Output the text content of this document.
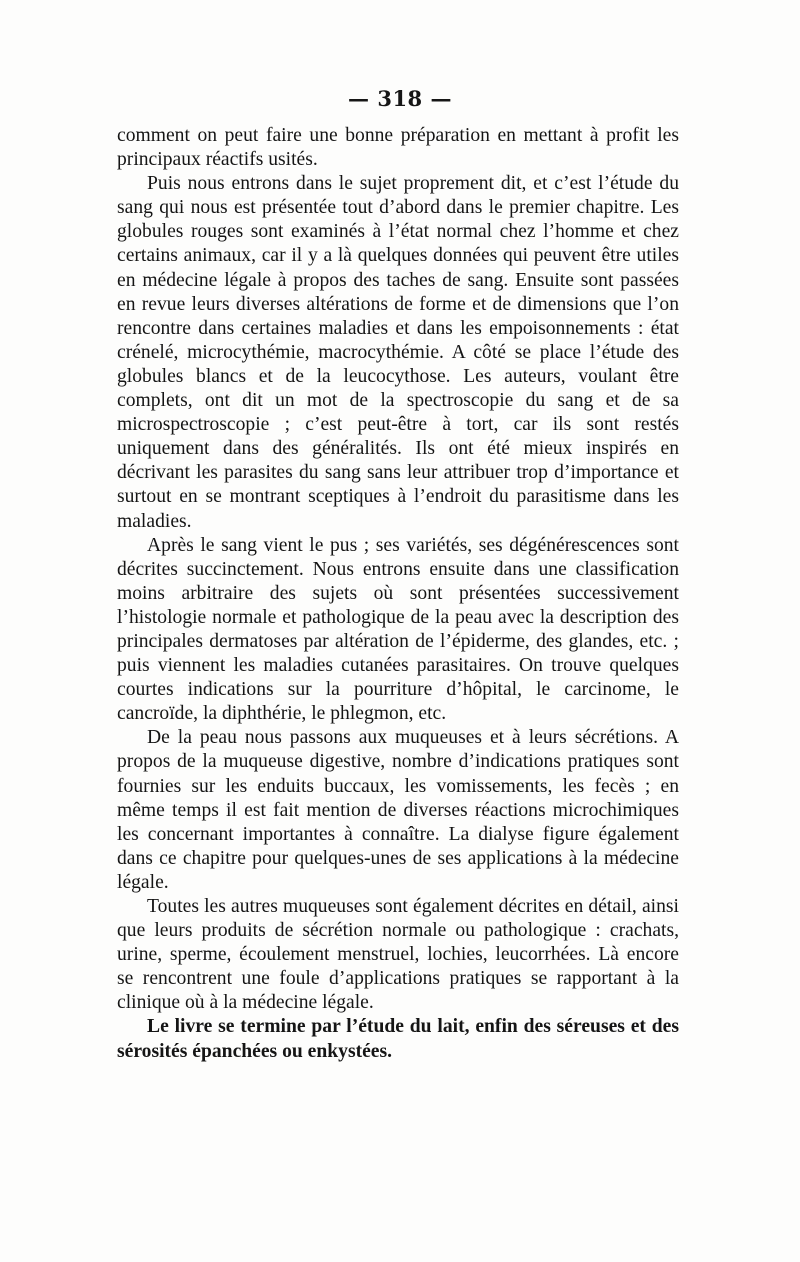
— 318 —

comment on peut faire une bonne préparation en mettant à profit les principaux réactifs usités.

Puis nous entrons dans le sujet proprement dit, et c’est l’étude du sang qui nous est présentée tout d’abord dans le premier chapitre. Les globules rouges sont examinés à l’état normal chez l’homme et chez certains animaux, car il y a là quelques données qui peuvent être utiles en médecine légale à propos des taches de sang. Ensuite sont passées en revue leurs diverses altérations de forme et de dimensions que l’on rencontre dans certaines maladies et dans les empoisonnements : état crénelé, microcythémie, macrocythémie. A côté se place l’étude des globules blancs et de la leucocythose. Les auteurs, voulant être complets, ont dit un mot de la spectroscopie du sang et de sa microspectroscopie ; c’est peut-être à tort, car ils sont restés uniquement dans des généralités. Ils ont été mieux inspirés en décrivant les parasites du sang sans leur attribuer trop d’importance et surtout en se montrant sceptiques à l’endroit du parasitisme dans les maladies.

Après le sang vient le pus ; ses variétés, ses dégénérescences sont décrites succinctement. Nous entrons ensuite dans une classification moins arbitraire des sujets où sont présentées successivement l’histologie normale et pathologique de la peau avec la description des principales dermatoses par altération de l’épiderme, des glandes, etc. ; puis viennent les maladies cutanées parasitaires. On trouve quelques courtes indications sur la pourriture d’hôpital, le carcinome, le cancroïde, la diphthérie, le phlegmon, etc.

De la peau nous passons aux muqueuses et à leurs sécrétions. A propos de la muqueuse digestive, nombre d’indications pratiques sont fournies sur les enduits buccaux, les vomissements, les fecès ; en même temps il est fait mention de diverses réactions microchimiques les concernant importantes à connaître. La dialyse figure également dans ce chapitre pour quelques-unes de ses applications à la médecine légale.

Toutes les autres muqueuses sont également décrites en détail, ainsi que leurs produits de sécrétion normale ou pathologique : crachats, urine, sperme, écoulement menstruel, lochies, leucorrhées. Là encore se rencontrent une foule d’applications pratiques se rapportant à la clinique où à la médecine légale.

Le livre se termine par l’étude du lait, enfin des séreuses et des sérosités épanchées ou enkystées.
